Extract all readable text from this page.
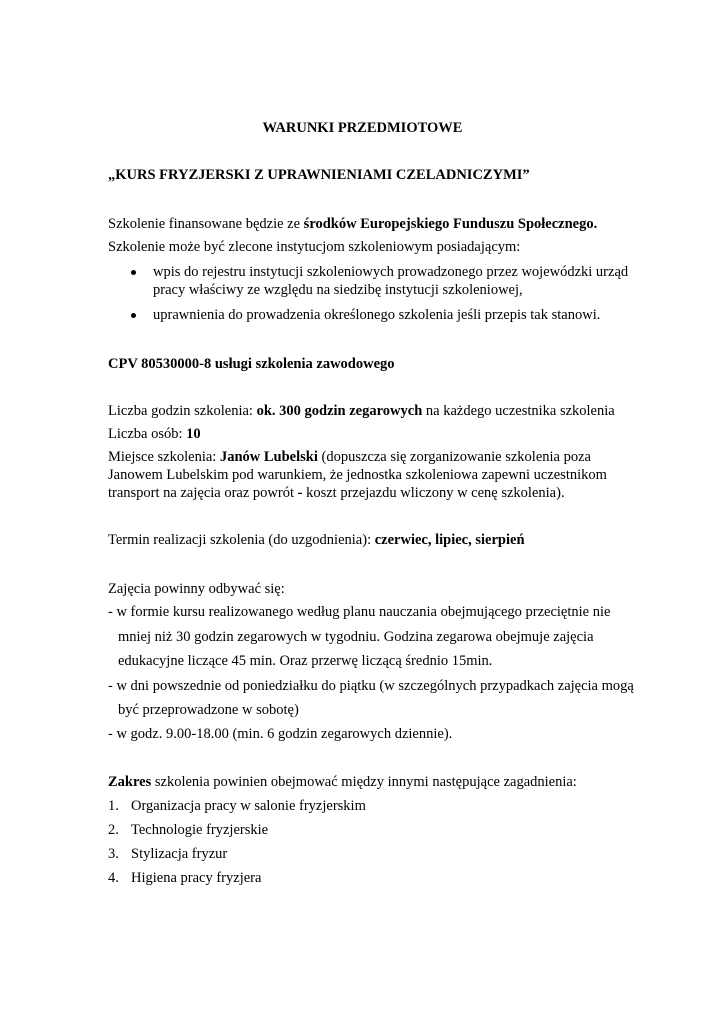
WARUNKI PRZEDMIOTOWE

„KURS FRYZJERSKI Z UPRAWNIENIAMI CZELADNICZYMI”

Szkolenie finansowane będzie ze środków Europejskiego Funduszu Społecznego.

Szkolenie może być zlecone instytucjom szkoleniowym posiadającym:

wpis do rejestru instytucji szkoleniowych prowadzonego przez wojewódzki urząd

pracy właściwy ze względu na siedzibę instytucji szkoleniowej,

uprawnienia do prowadzenia określonego szkolenia jeśli przepis tak stanowi.

CPV 80530000-8 usługi szkolenia zawodowego

Liczba godzin szkolenia: ok. 300 godzin zegarowych na każdego uczestnika szkolenia

Liczba osób: 10

Miejsce szkolenia: Janów Lubelski (dopuszcza się zorganizowanie szkolenia poza

Janowem Lubelskim pod warunkiem, że jednostka szkoleniowa zapewni uczestnikom

transport na zajęcia oraz powrót - koszt przejazdu wliczony w cenę szkolenia).

Termin realizacji szkolenia (do uzgodnienia): czerwiec, lipiec, sierpień

Zajęcia powinny odbywać się:

- w formie kursu realizowanego według planu nauczania obejmującego przeciętnie nie

mniej niż 30 godzin zegarowych w tygodniu. Godzina zegarowa obejmuje zajęcia

edukacyjne liczące 45 min. Oraz przerwę liczącą średnio 15min.

- w dni powszednie od poniedziałku do piątku (w szczególnych przypadkach zajęcia mogą

być przeprowadzone w sobotę)

- w godz. 9.00-18.00 (min. 6 godzin zegarowych dziennie).

Zakres szkolenia powinien obejmować między innymi następujące zagadnienia:

1. Organizacja pracy w salonie fryzjerskim

2. Technologie fryzjerskie

3. Stylizacja fryzur

4. Higiena pracy fryzjera
